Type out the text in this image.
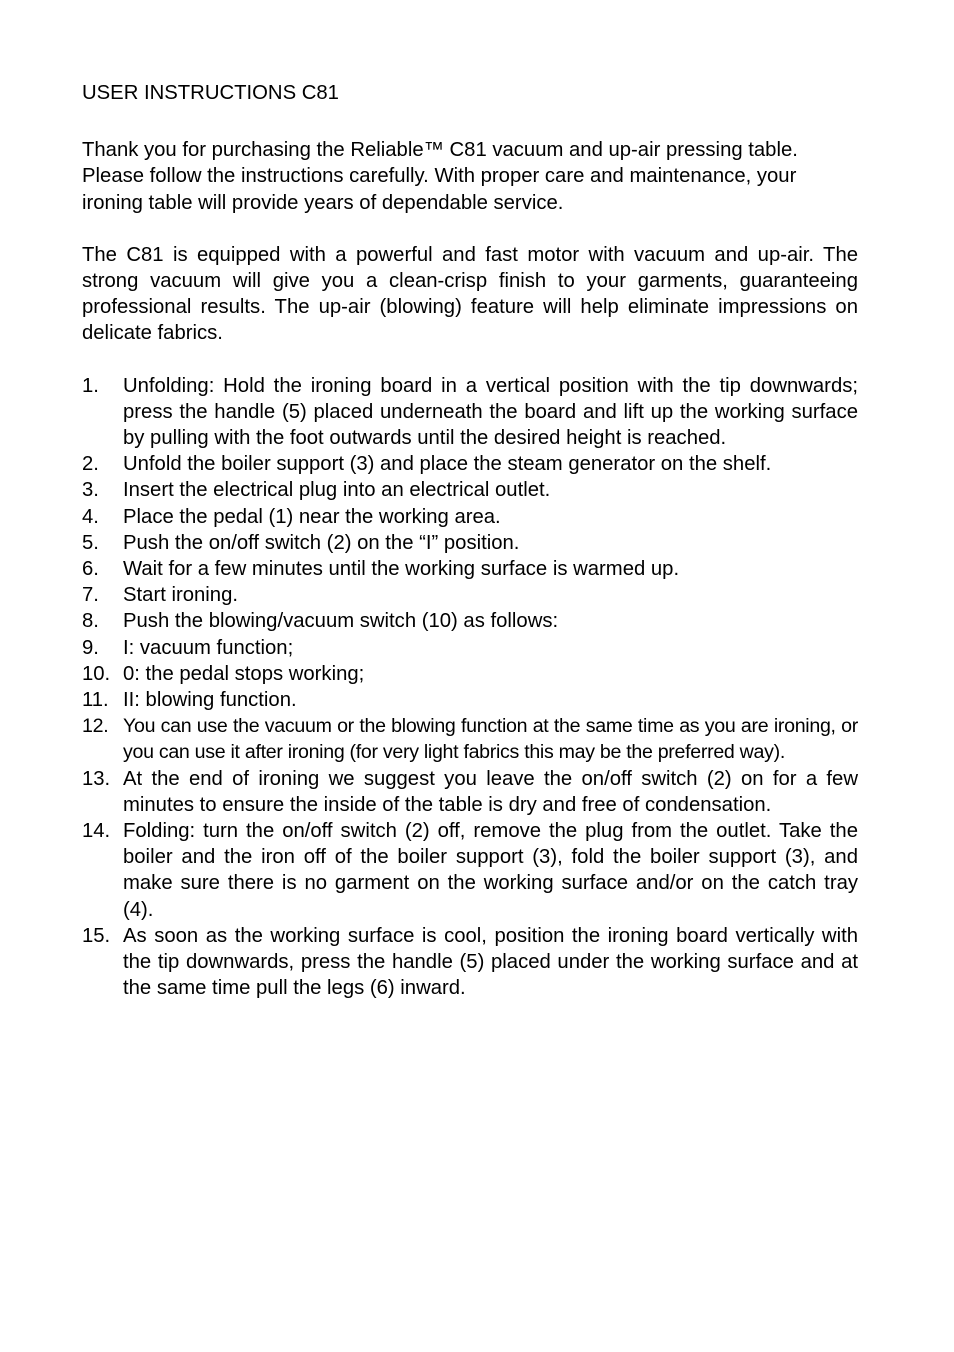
USER INSTRUCTIONS C81

Thank you for purchasing the Reliable™ C81 vacuum and up-air pressing table. Please follow the instructions carefully. With proper care and maintenance, your ironing table will provide years of dependable service.

The C81 is equipped with a powerful and fast motor with vacuum and up-air. The strong vacuum will give you a clean-crisp finish to your garments, guaranteeing professional results. The up-air (blowing) feature will help eliminate impressions on delicate fabrics.

1. Unfolding: Hold the ironing board in a vertical position with the tip downwards; press the handle (5) placed underneath the board and lift up the working surface by pulling with the foot outwards until the desired height is reached.
2. Unfold the boiler support (3) and place the steam generator on the shelf.
3. Insert the electrical plug into an electrical outlet.
4. Place the pedal (1) near the working area.
5. Push the on/off switch (2) on the “I” position.
6. Wait for a few minutes until the working surface is warmed up.
7. Start ironing.
8. Push the blowing/vacuum switch (10) as follows:
9. I: vacuum function;
10. 0: the pedal stops working;
11. II: blowing function.
12. You can use the vacuum or the blowing function at the same time as you are ironing, or you can use it after ironing (for very light fabrics this may be the preferred way).
13. At the end of ironing we suggest you leave the on/off switch (2) on for a few minutes to ensure the inside of the table is dry and free of condensation.
14. Folding: turn the on/off switch (2) off, remove the plug from the outlet. Take the boiler and the iron off of the boiler support (3), fold the boiler support (3), and make sure there is no garment on the working surface and/or on the catch tray (4).
15. As soon as the working surface is cool, position the ironing board vertically with the tip downwards, press the handle (5) placed under the working surface and at the same time pull the legs (6) inward.
